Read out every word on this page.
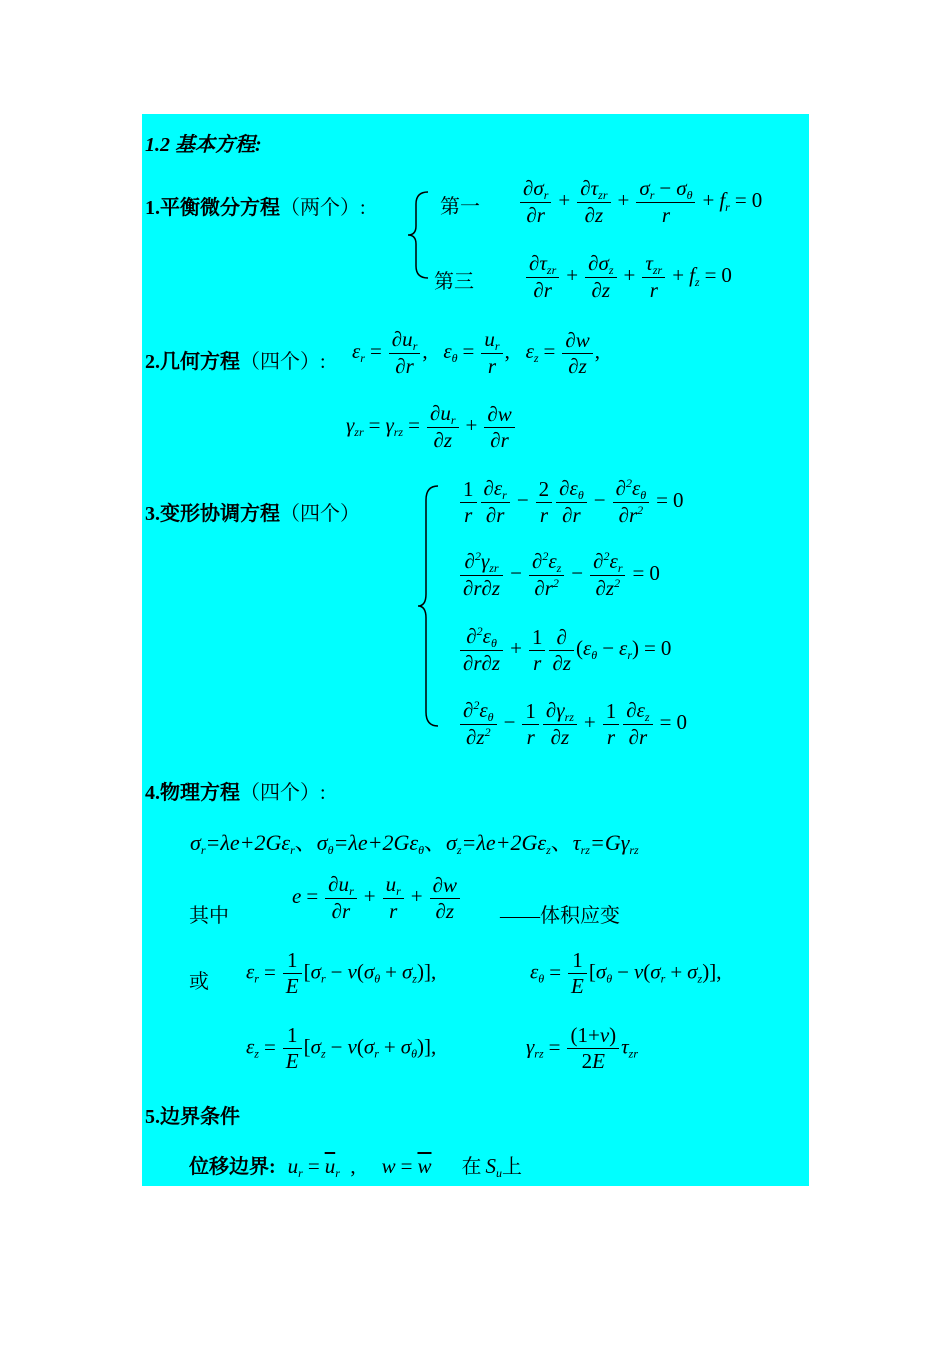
1.2 基本方程:
1.平衡微分方程（两个）:	第一
第三
$\frac{\partial\sigma_r}{\partial r} + \frac{\partial\tau_{zr}}{\partial z} + \frac{\sigma_r - \sigma_\theta}{r} + f_r = 0$
$\frac{\partial\tau_{zr}}{\partial r} + \frac{\partial\sigma_z}{\partial z} + \frac{\tau_{zr}}{r} + f_z = 0$
2.几何方程（四个）: $\varepsilon_r = \frac{\partial u_r}{\partial r}$ ,   $\varepsilon_\theta = \frac{u_r}{r}$ ,   $\varepsilon_z = \frac{\partial w}{\partial z}$ ,
$\gamma_{zr} = \gamma_{rz} = \frac{\partial u_r}{\partial z} + \frac{\partial w}{\partial r}$
3.变形协调方程（四个）	$\frac{1}{r} \frac{\partial\varepsilon_r}{\partial r} - \frac{2}{r} \frac{\partial\varepsilon_\theta}{\partial r} - \frac{\partial^2\varepsilon_\theta}{\partial r^2} = 0$
$\frac{\partial^2\gamma_{zr}}{\partial r\partial z} - \frac{\partial^2\varepsilon_z}{\partial r^2} - \frac{\partial^2\varepsilon_r}{\partial z^2} = 0$
$\frac{\partial^2\varepsilon_\theta}{\partial r\partial z} + \frac{1}{r} \frac{\partial}{\partial z} (\varepsilon_\theta - \varepsilon_r) = 0$
$\frac{\partial^2\varepsilon_\theta}{\partial z^2} - \frac{1}{r} \frac{\partial\gamma_{rz}}{\partial z} + \frac{1}{r} \frac{\partial\varepsilon_z}{\partial r} = 0$
4.物理方程（四个）:
$\sigma_r=\lambda e+2G\varepsilon_r$、$\sigma_\theta=\lambda e+2G\varepsilon_\theta$、$\sigma_z=\lambda e+2G\varepsilon_z$、$\tau_{rz}=G\gamma_{rz}$
其中
$e = \frac{\partial u_r}{\partial r} + \frac{u_r}{r} + \frac{\partial w}{\partial z}$ ——体积应变
或 $\varepsilon_r = \frac{1}{E} [\sigma_r - \nu(\sigma_\theta + \sigma_z)]$,	$\varepsilon_\theta = \frac{1}{E} [\sigma_\theta - \nu(\sigma_r + \sigma_z)]$,
$\varepsilon_z = \frac{1}{E} [\sigma_z - \nu(\sigma_r + \sigma_\theta)]$,	$\gamma_{rz} = \frac{(1+\nu)}{2E} \tau_{zr}$
5.边界条件
位移边界: $u_r = \overline{u}_r$  , $w = \overline{w}$ 在 $S_u$上
